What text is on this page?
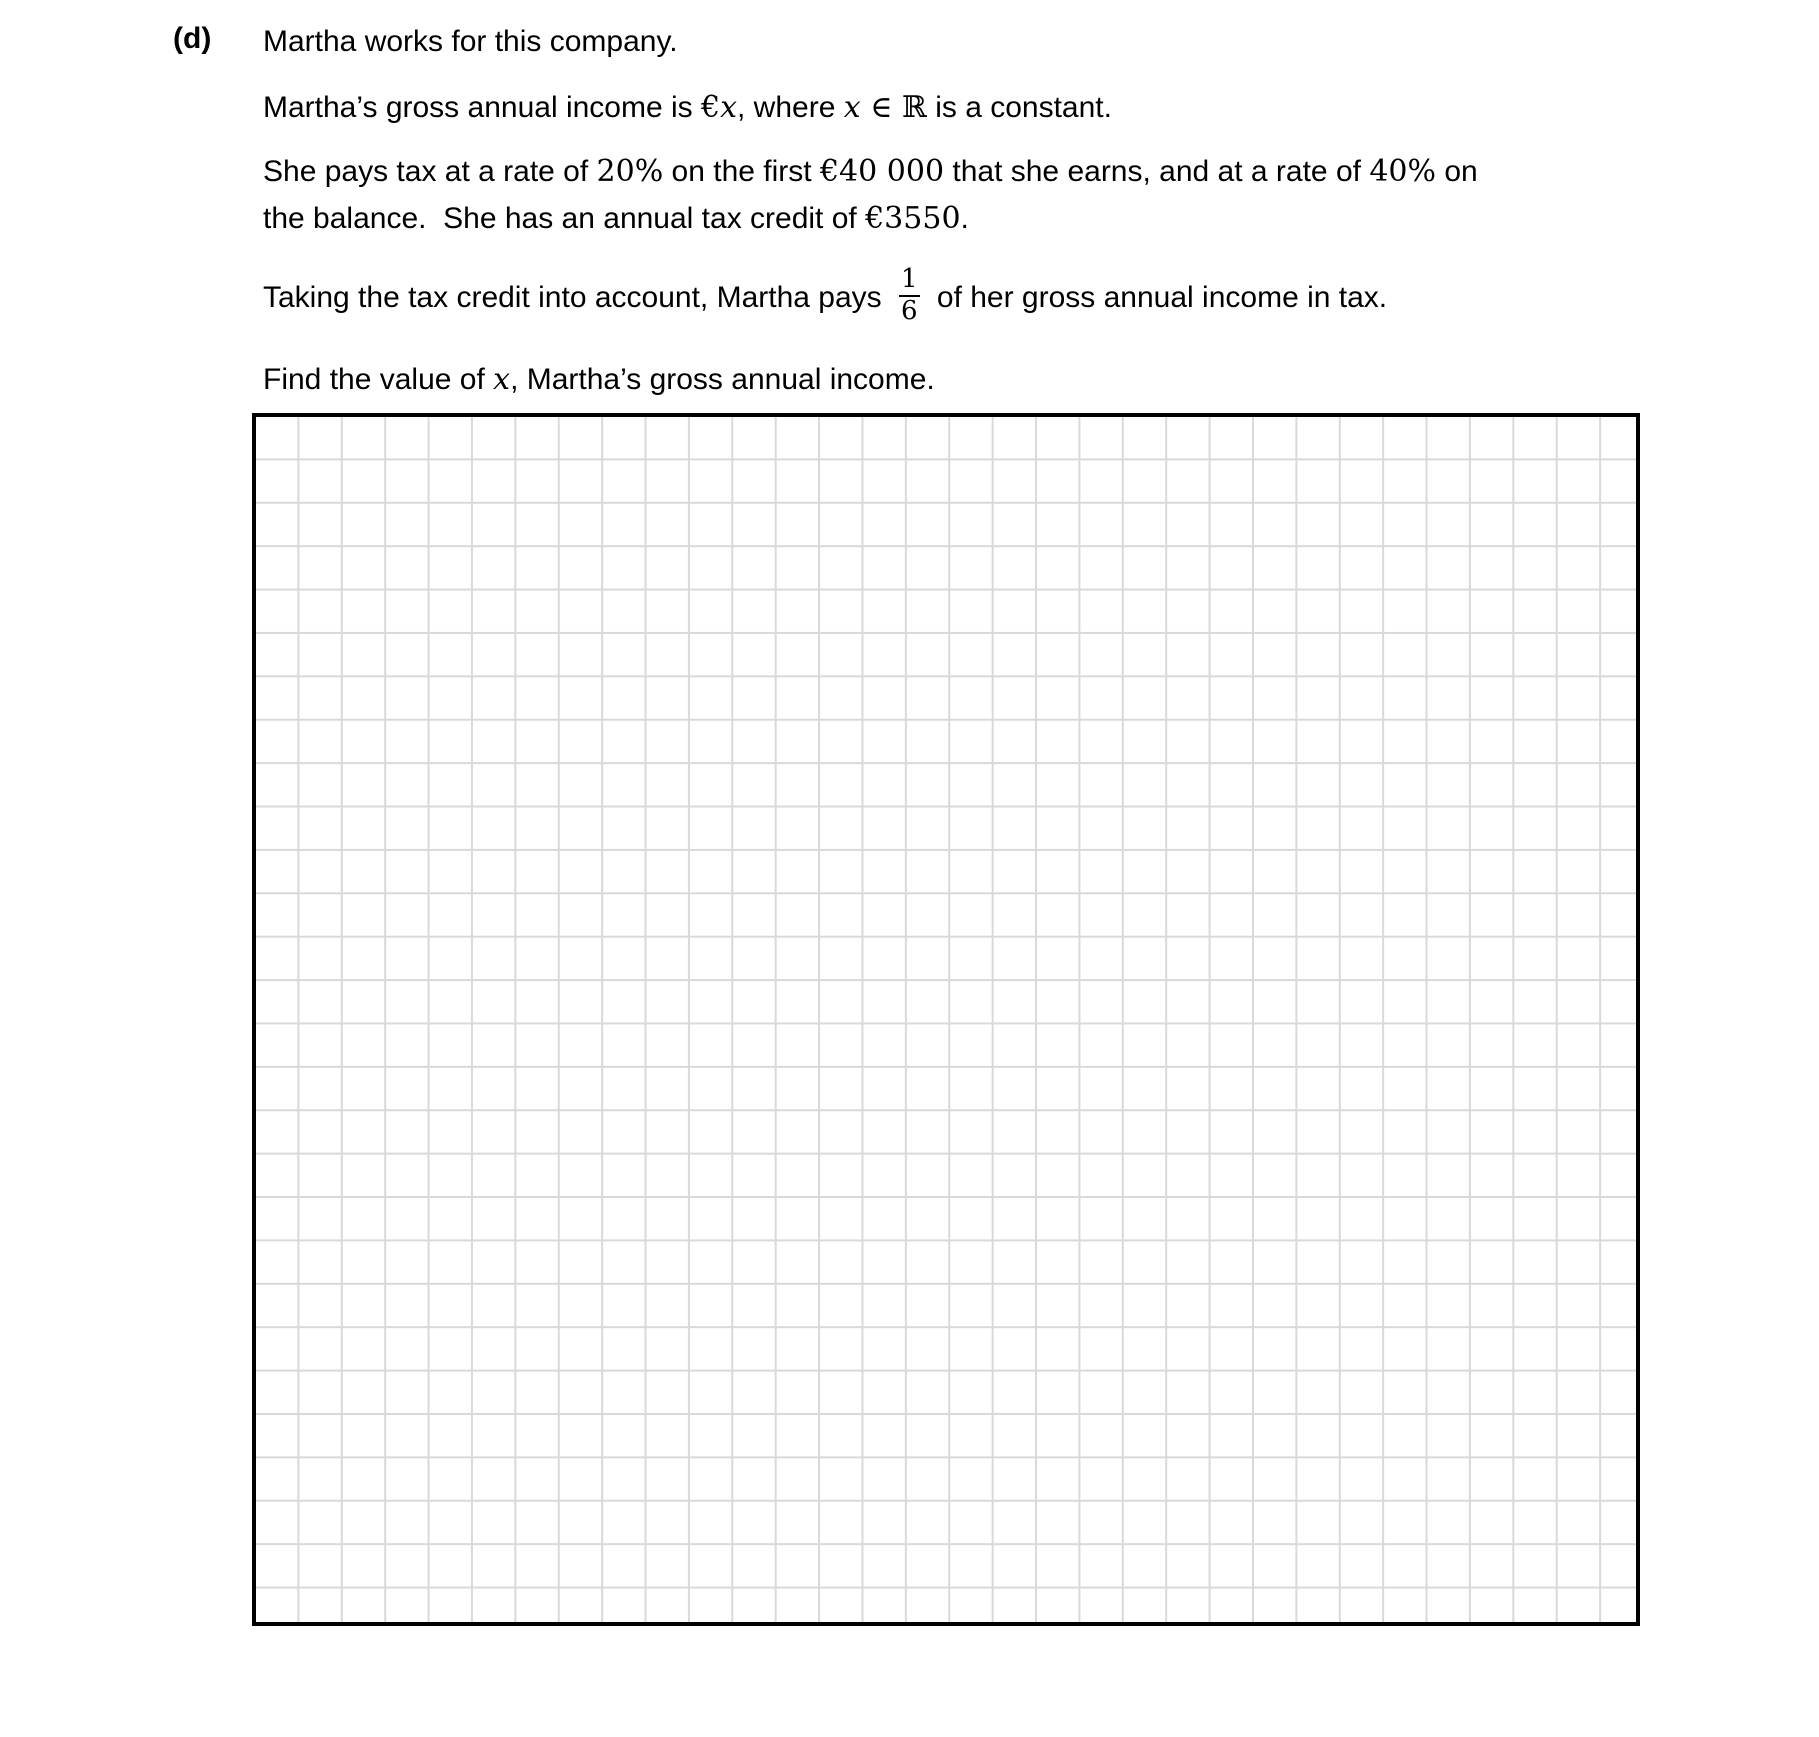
(d) Martha works for this company.
Martha’s gross annual income is €x, where x ∈ ℝ is a constant.
She pays tax at a rate of 20% on the first €40 000 that she earns, and at a rate of 40% on
the balance.  She has an annual tax credit of €3550.
Taking the tax credit into account, Martha pays $\frac{1}{6}$ of her gross annual income in tax.
Find the value of x, Martha’s gross annual income.
